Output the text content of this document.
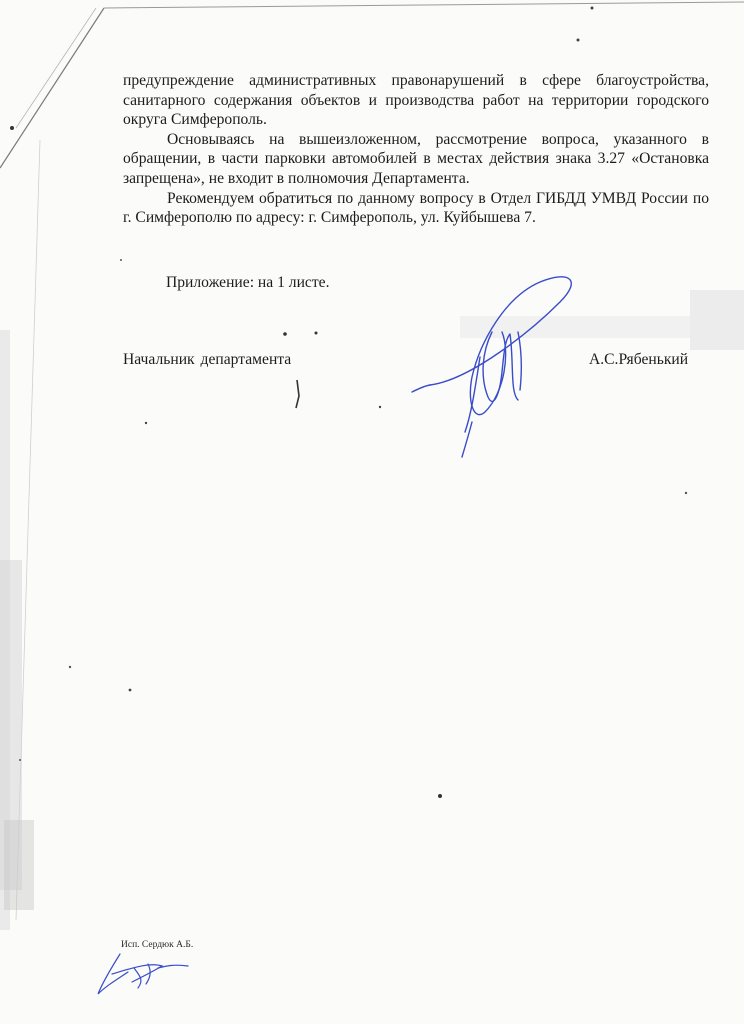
предупреждение административных правонарушений в сфере благоустройства, санитарного содержания объектов и производства работ на территории городского округа Симферополь.

Основываясь на вышеизложенном, рассмотрение вопроса, указанного в обращении, в части парковки автомобилей в местах действия знака 3.27 «Остановка запрещена», не входит в полномочия Департамента.

Рекомендуем обратиться по данному вопросу в Отдел ГИБДД УМВД России по г. Симферополю по адресу: г. Симферополь, ул. Куйбышева 7.

Приложение: на 1 листе.
Начальник департамента	А.С.Рябенький
Исп. Сердюк А.Б.
